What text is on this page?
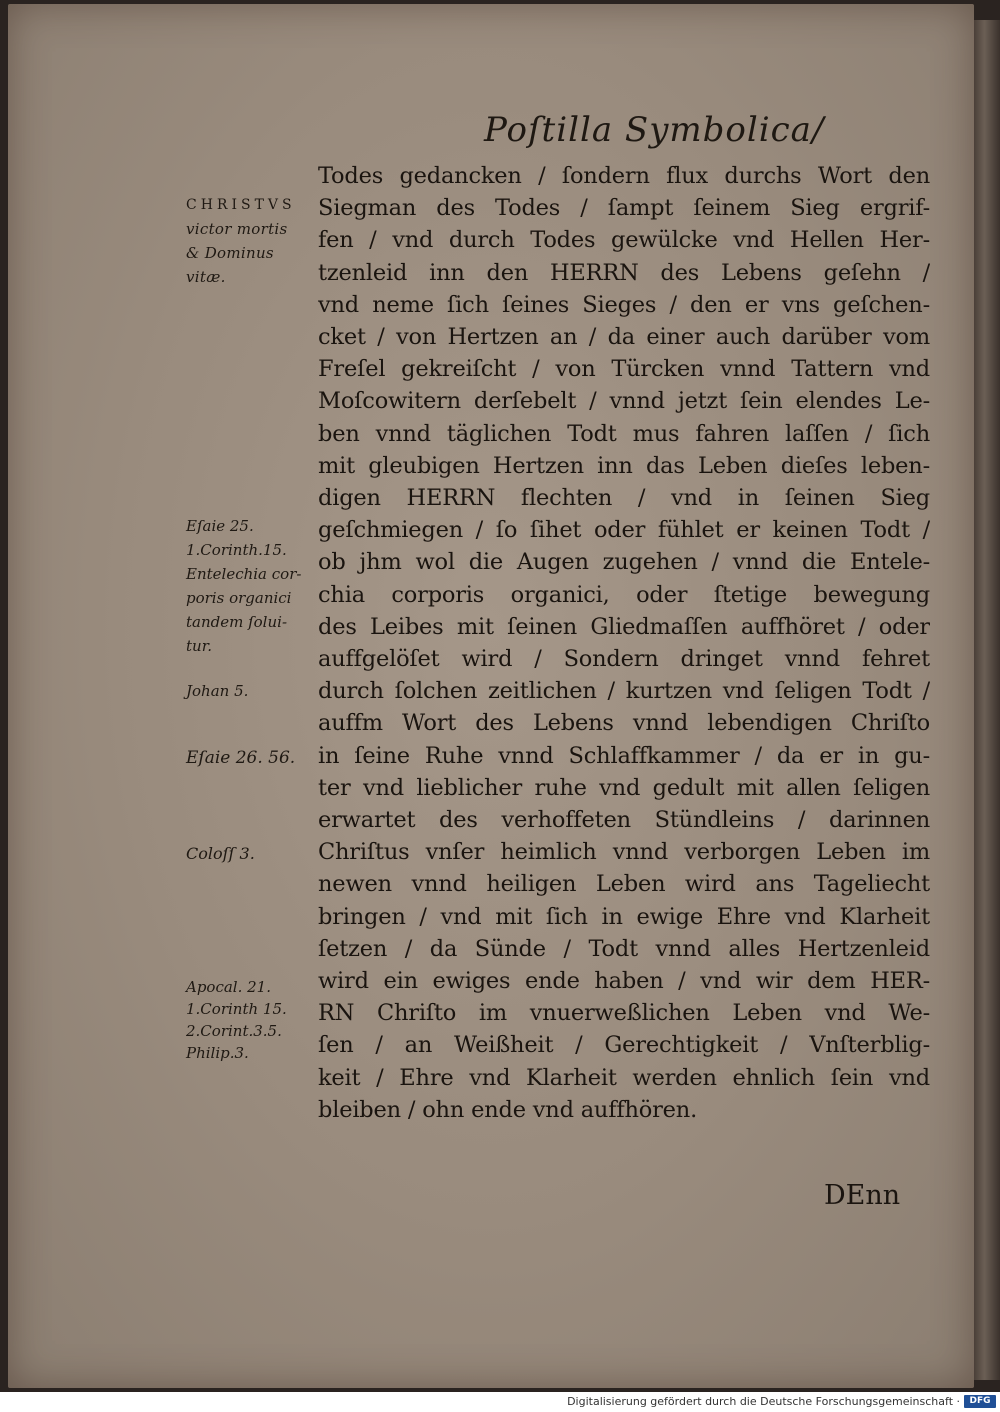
Poſtilla Symbolica/
CHRISTVS
victor mortis
& Dominus
vitæ.
Eſaie 25.
1.Corinth.15.
Entelechia cor-
poris organici
tandem ſolui-
tur.
Johan 5.
Eſaie 26. 56.
Coloſſ 3.
Apocal. 21.
1.Corinth 15.
2.Corint.3.5.
Philip.3.
Todes gedancken / ſondern flux durchs Wort den
Siegman des Todes / ſampt ſeinem Sieg ergrif-
fen / vnd durch Todes gewülcke vnd Hellen Her-
tzenleid inn den HERRN des Lebens geſehn /
vnd neme ſich ſeines Sieges / den er vns geſchen-
cket / von Hertzen an / da einer auch darüber vom
Freſel gekreiſcht / von Türcken vnnd Tattern vnd
Moſcowitern derſebelt / vnnd jetzt ſein elendes Le-
ben vnnd täglichen Todt mus fahren laſſen / ſich
mit gleubigen Hertzen inn das Leben dieſes leben-
digen HERRN flechten / vnd in ſeinen Sieg
geſchmiegen / ſo ſihet oder fühlet er keinen Todt /
ob jhm wol die Augen zugehen / vnnd die Entele-
chia corporis organici, oder ſtetige bewegung
des Leibes mit ſeinen Gliedmaſſen auffhöret / oder
auffgelöſet wird / Sondern dringet vnnd fehret
durch ſolchen zeitlichen / kurtzen vnd ſeligen Todt /
auffm Wort des Lebens vnnd lebendigen Chriſto
in ſeine Ruhe vnnd Schlaffkammer / da er in gu-
ter vnd lieblicher ruhe vnd gedult mit allen ſeligen
erwartet des verhoffeten Stündleins / darinnen
Chriſtus vnſer heimlich vnnd verborgen Leben im
newen vnnd heiligen Leben wird ans Tageliecht
bringen / vnd mit ſich in ewige Ehre vnd Klarheit
ſetzen / da Sünde / Todt vnnd alles Hertzenleid
wird ein ewiges ende haben / vnd wir dem HER-
RN Chriſto im vnuerweßlichen Leben vnd We-
ſen / an Weißheit / Gerechtigkeit / Vnſterblig-
keit / Ehre vnd Klarheit werden ehnlich ſein vnd
bleiben / ohn ende vnd auffhören.
DEnn
Digitalisierung gefördert durch die Deutsche Forschungsgemeinschaft ·	DFG
